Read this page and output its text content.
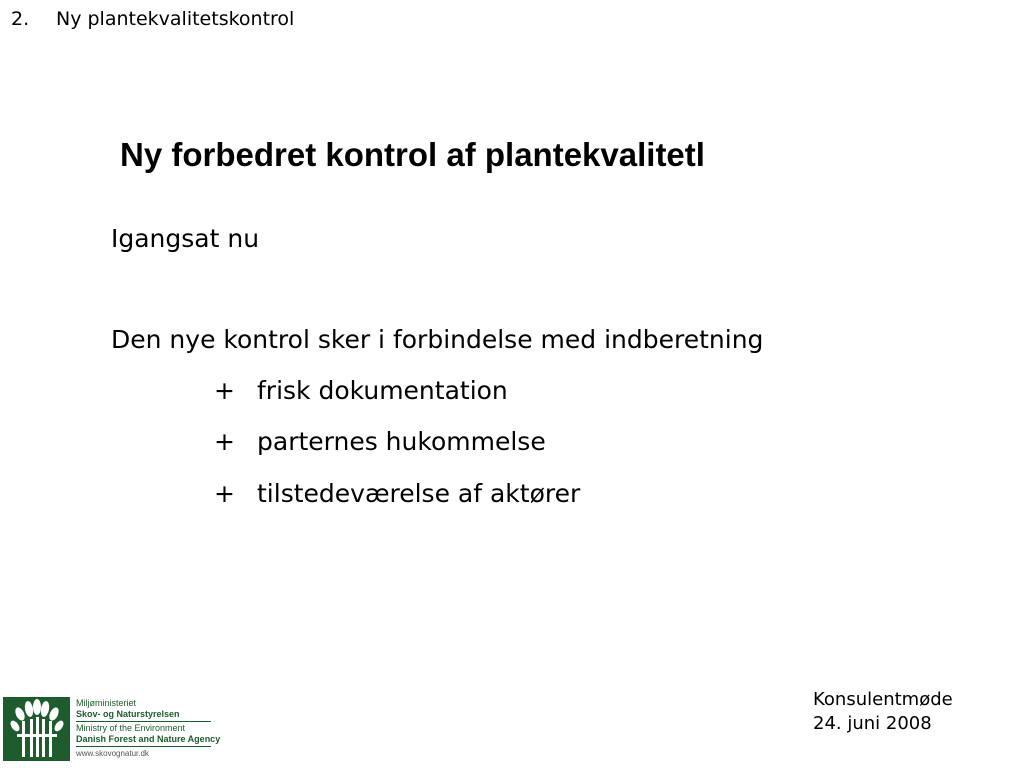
2. Ny plantekvalitetskontrol
Ny forbedret kontrol af plantekvalitetl
Igangsat nu
Den nye kontrol sker i forbindelse med indberetning
+ frisk dokumentation
+ parternes hukommelse
+ tilstedeværelse af aktører
Miljøministeriet
Skov- og Naturstyrelsen
Ministry of the Environment
Danish Forest and Nature Agency
www.skovognatur.dk
Konsulentmøde
24. juni 2008
